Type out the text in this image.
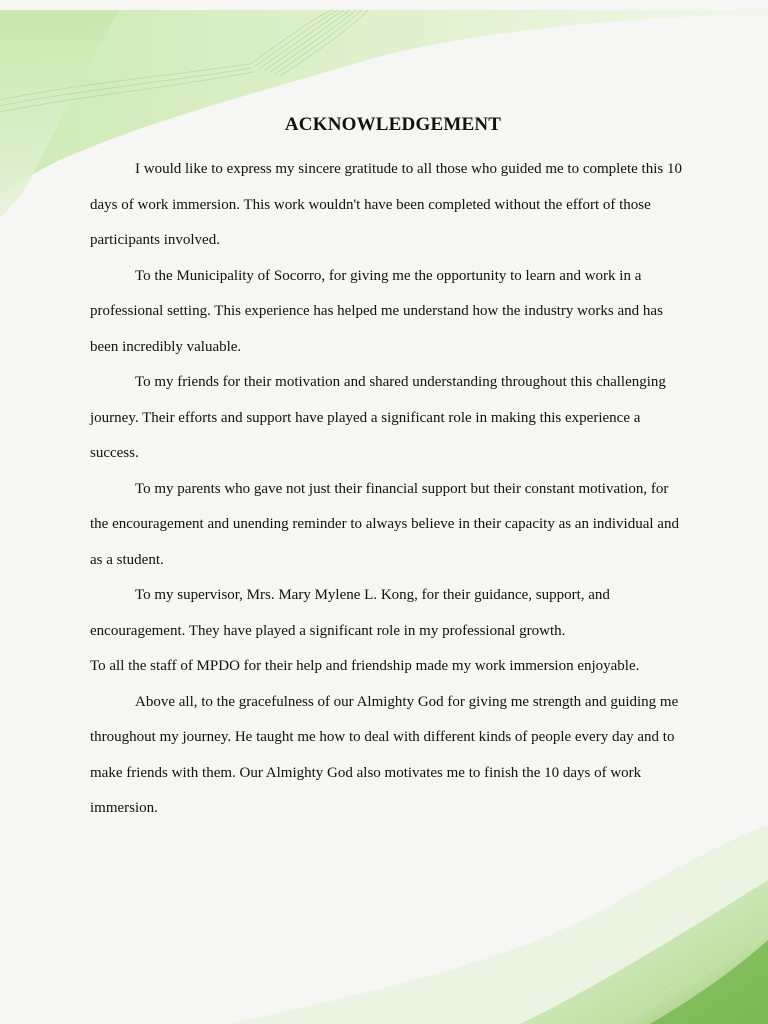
ACKNOWLEDGEMENT

I would like to express my sincere gratitude to all those who guided me to complete this 10 days of work immersion. This work wouldn't have been completed without the effort of those participants involved.

To the Municipality of Socorro, for giving me the opportunity to learn and work in a professional setting. This experience has helped me understand how the industry works and has been incredibly valuable.

To my friends for their motivation and shared understanding throughout this challenging journey. Their efforts and support have played a significant role in making this experience a success.

To my parents who gave not just their financial support but their constant motivation, for the encouragement and unending reminder to always believe in their capacity as an individual and as a student.

To my supervisor, Mrs. Mary Mylene L. Kong, for their guidance, support, and encouragement. They have played a significant role in my professional growth.

To all the staff of MPDO for their help and friendship made my work immersion enjoyable.

Above all, to the gracefulness of our Almighty God for giving me strength and guiding me throughout my journey. He taught me how to deal with different kinds of people every day and to make friends with them. Our Almighty God also motivates me to finish the 10 days of work immersion.
